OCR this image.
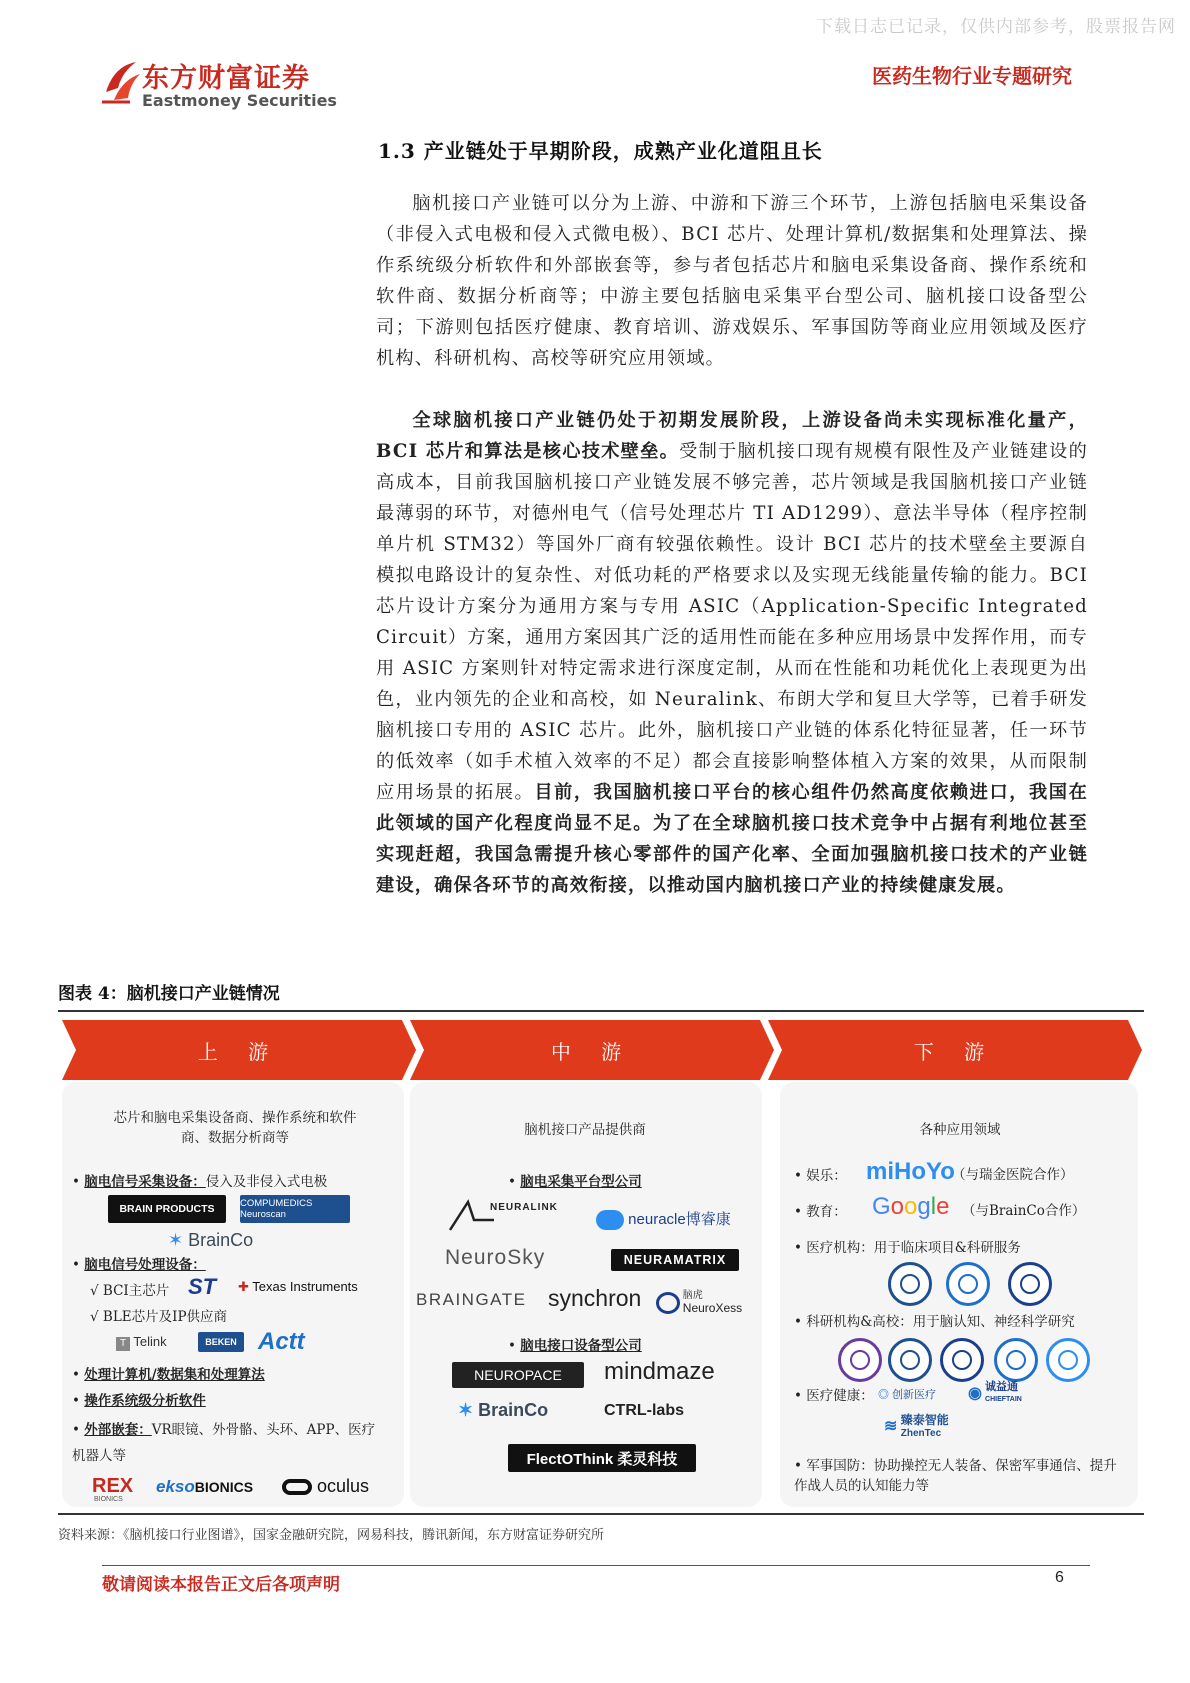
下载日志已记录，仅供内部参考，股票报告网
东方财富证券
Eastmoney Securities
医药生物行业专题研究
1.3 产业链处于早期阶段，成熟产业化道阻且长

脑机接口产业链可以分为上游、中游和下游三个环节，上游包括脑电采集设备（非侵入式电极和侵入式微电极）、BCI 芯片、处理计算机/数据集和处理算法、操作系统级分析软件和外部嵌套等，参与者包括芯片和脑电采集设备商、操作系统和软件商、数据分析商等；中游主要包括脑电采集平台型公司、脑机接口设备型公司；下游则包括医疗健康、教育培训、游戏娱乐、军事国防等商业应用领域及医疗机构、科研机构、高校等研究应用领域。

全球脑机接口产业链仍处于初期发展阶段，上游设备尚未实现标准化量产，BCI 芯片和算法是核心技术壁垒。受制于脑机接口现有规模有限性及产业链建设的高成本，目前我国脑机接口产业链发展不够完善，芯片领域是我国脑机接口产业链最薄弱的环节，对德州电气（信号处理芯片 TI AD1299）、意法半导体（程序控制单片机 STM32）等国外厂商有较强依赖性。设计 BCI 芯片的技术壁垒主要源自模拟电路设计的复杂性、对低功耗的严格要求以及实现无线能量传输的能力。BCI 芯片设计方案分为通用方案与专用 ASIC（Application-Specific Integrated Circuit）方案，通用方案因其广泛的适用性而能在多种应用场景中发挥作用，而专用 ASIC 方案则针对特定需求进行深度定制，从而在性能和功耗优化上表现更为出色，业内领先的企业和高校，如 Neuralink、布朗大学和复旦大学等，已着手研发脑机接口专用的 ASIC 芯片。此外，脑机接口产业链的体系化特征显著，任一环节的低效率（如手术植入效率的不足）都会直接影响整体植入方案的效果，从而限制应用场景的拓展。目前，我国脑机接口平台的核心组件仍然高度依赖进口，我国在此领域的国产化程度尚显不足。为了在全球脑机接口技术竞争中占据有利地位甚至实现赶超，我国急需提升核心零部件的国产化率、全面加强脑机接口技术的产业链建设，确保各环节的高效衔接，以推动国内脑机接口产业的持续健康发展。

图表 4：脑机接口产业链情况
上 游	中 游	下 游
芯片和脑电采集设备商、操作系统和软件商、数据分析商等
• 脑电信号采集设备：侵入及非侵入式电极
BRAIN PRODUCTS	COMPUMEDICS Neuroscan
✶ BrainCo
• 脑电信号处理设备：
√ BCI主芯片 ST ✚ Texas Instruments
√ BLE芯片及IP供应商
T Telink	BEKEN Actt
• 处理计算机/数据集和处理算法
• 操作系统级分析软件
• 外部嵌套：VR眼镜、外骨骼、头环、APP、医疗机器人等
REX
BIONICS
eksoBIONICS	oculus
脑机接口产品提供商
• 脑电采集平台型公司
NEURALINK
neuracle博睿康
NeuroSky	NEURAMATRIX
BRAINGATE synchron	脑虎
NeuroXess
• 脑电接口设备型公司
NEUROPACE	mindmaze
✶ BrainCo	CTRL-labs
FlectOThink 柔灵科技
各种应用领域
• 娱乐： miHoYo
（与瑞金医院合作）
• 教育： Google （与BrainCo合作）
• 医疗机构：用于临床项目&科研服务
• 科研机构&高校：用于脑认知、神经科学研究
• 医疗健康： ◎ 创新医疗 ◉ 诚益通
CHIEFTAIN
≋ 臻泰智能
ZhenTec
• 军事国防：协助操控无人装备、保密军事通信、提升作战人员的认知能力等
资料来源：《脑机接口行业图谱》，国家金融研究院，网易科技，腾讯新闻，东方财富证券研究所
敬请阅读本报告正文后各项声明	6
